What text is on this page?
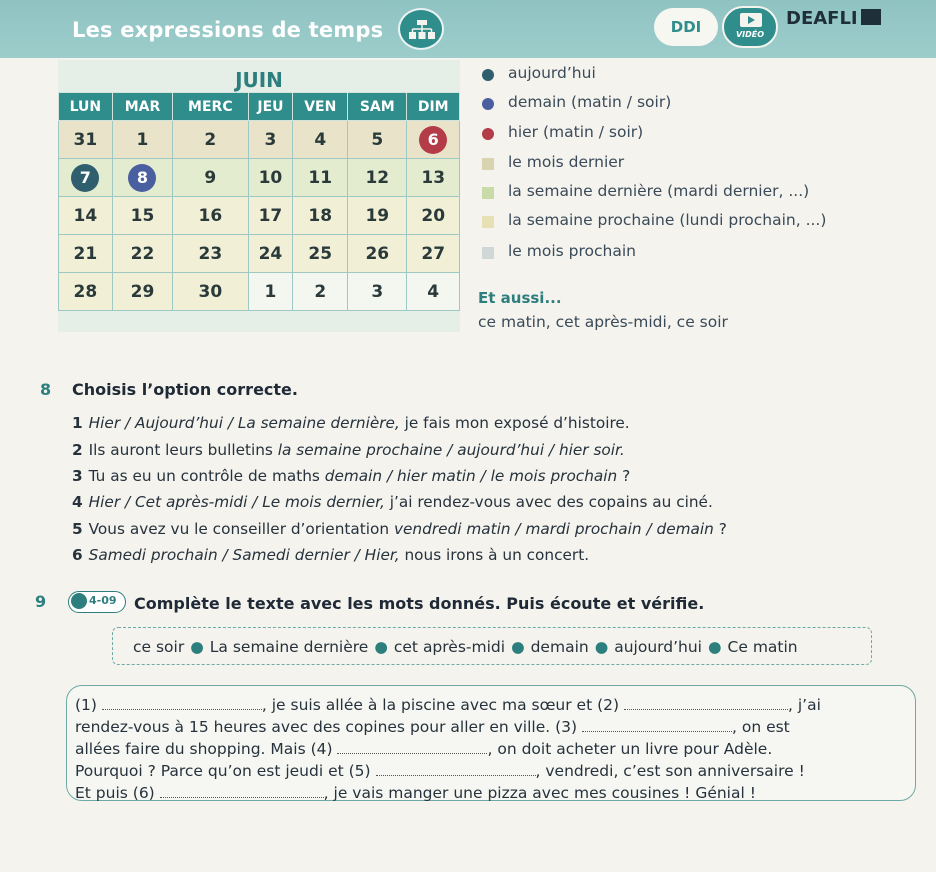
Les expressions de temps	DDI	VIDÉO
DEAFLI
JUIN
LUN	MAR	MERC	JEU	VEN	SAM	DIM
31	1	2	3	4	5	6
7	8	9	10	11	12	13
14	15	16	17	18	19	20
21	22	23	24	25	26	27
28	29	30	1	2	3	4
aujourd’hui
demain (matin / soir)
hier (matin / soir)
le mois dernier
la semaine dernière (mardi dernier, ...)
la semaine prochaine (lundi prochain, ...)
le mois prochain
Et aussi...
ce matin, cet après-midi, ce soir
8 Choisis l’option correcte.
1 Hier / Aujourd’hui / La semaine dernière, je fais mon exposé d’histoire.
2 Ils auront leurs bulletins la semaine prochaine / aujourd’hui / hier soir.
3 Tu as eu un contrôle de maths demain / hier matin / le mois prochain ?
4 Hier / Cet après-midi / Le mois dernier, j’ai rendez-vous avec des copains au ciné.
5 Vous avez vu le conseiller d’orientation vendredi matin / mardi prochain / demain ?
6 Samedi prochain / Samedi dernier / Hier, nous irons à un concert.
9	4-09 Complète le texte avec les mots donnés. Puis écoute et vérifie.
ce soir ● La semaine dernière ● cet après-midi ● demain ● aujourd’hui ● Ce matin
(1)	, je suis allée à la piscine avec ma sœur et (2)	, j’ai
rendez-vous à 15 heures avec des copines pour aller en ville. (3)	, on est
allées faire du shopping. Mais (4)	, on doit acheter un livre pour Adèle.
Pourquoi ? Parce qu’on est jeudi et (5)	, vendredi, c’est son anniversaire !
Et puis (6)	, je vais manger une pizza avec mes cousines ! Génial !
